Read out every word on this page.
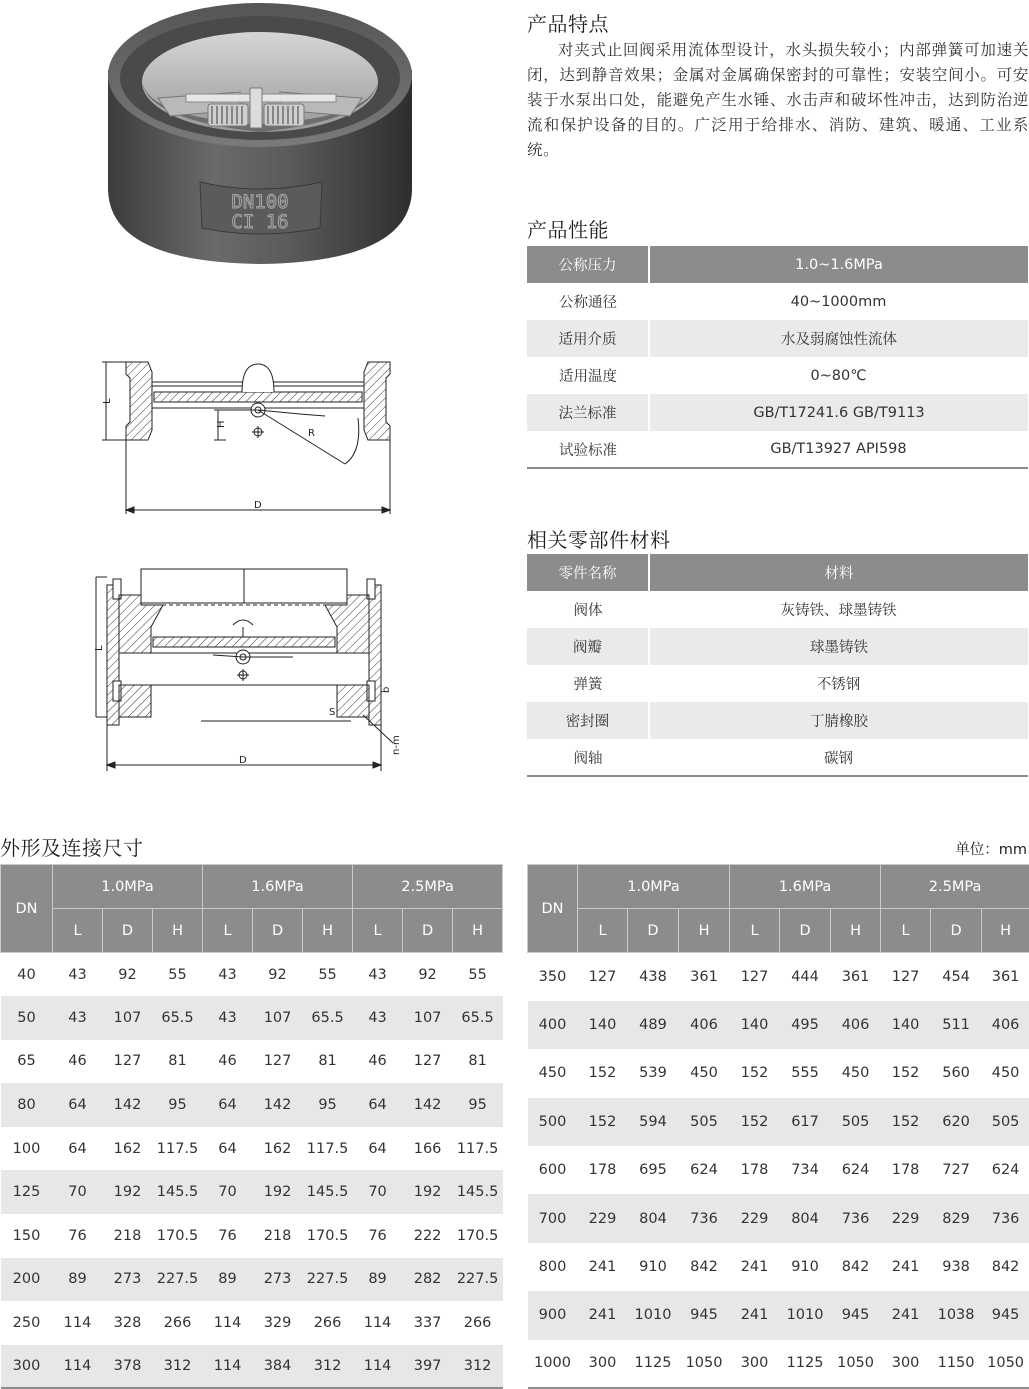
DN100
CI 16
L
H
R
D
L
b
S
n-m
D
产品特点
对夹式止回阀采用流体型设计，水头损失较小；内部弹簧可加速关闭，达到静音效果；金属对金属确保密封的可靠性；安装空间小。可安装于水泵出口处，能避免产生水锤、水击声和破坏性冲击，达到防治逆流和保护设备的目的。广泛用于给排水、消防、建筑、暖通、工业系统。
产品性能
公称压力	1.0~1.6MPa
公称通径	40~1000mm
适用介质	水及弱腐蚀性流体
适用温度	0~80℃
法兰标准	GB/T17241.6 GB/T9113
试验标准	GB/T13927 API598
相关零部件材料
零件名称	材料
阀体	灰铸铁、球墨铸铁
阀瓣	球墨铸铁
弹簧	不锈钢
密封圈	丁腈橡胶
阀轴	碳钢
外形及连接尺寸	单位：mm
DN	1.0MPa			1.6MPa			2.5MPa		
	L	D	H	L	D	H	L	D	H
40	43	92	55	43	92	55	43	92	55
50	43	107	65.5	43	107	65.5	43	107	65.5
65	46	127	81	46	127	81	46	127	81
80	64	142	95	64	142	95	64	142	95
100	64	162	117.5	64	162	117.5	64	166	117.5
125	70	192	145.5	70	192	145.5	70	192	145.5
150	76	218	170.5	76	218	170.5	76	222	170.5
200	89	273	227.5	89	273	227.5	89	282	227.5
250	114	328	266	114	329	266	114	337	266
300	114	378	312	114	384	312	114	397	312
DN	1.0MPa			1.6MPa			2.5MPa		
	L	D	H	L	D	H	L	D	H
350	127	438	361	127	444	361	127	454	361
400	140	489	406	140	495	406	140	511	406
450	152	539	450	152	555	450	152	560	450
500	152	594	505	152	617	505	152	620	505
600	178	695	624	178	734	624	178	727	624
700	229	804	736	229	804	736	229	829	736
800	241	910	842	241	910	842	241	938	842
900	241	1010	945	241	1010	945	241	1038	945
1000	300	1125	1050	300	1125	1050	300	1150	1050
